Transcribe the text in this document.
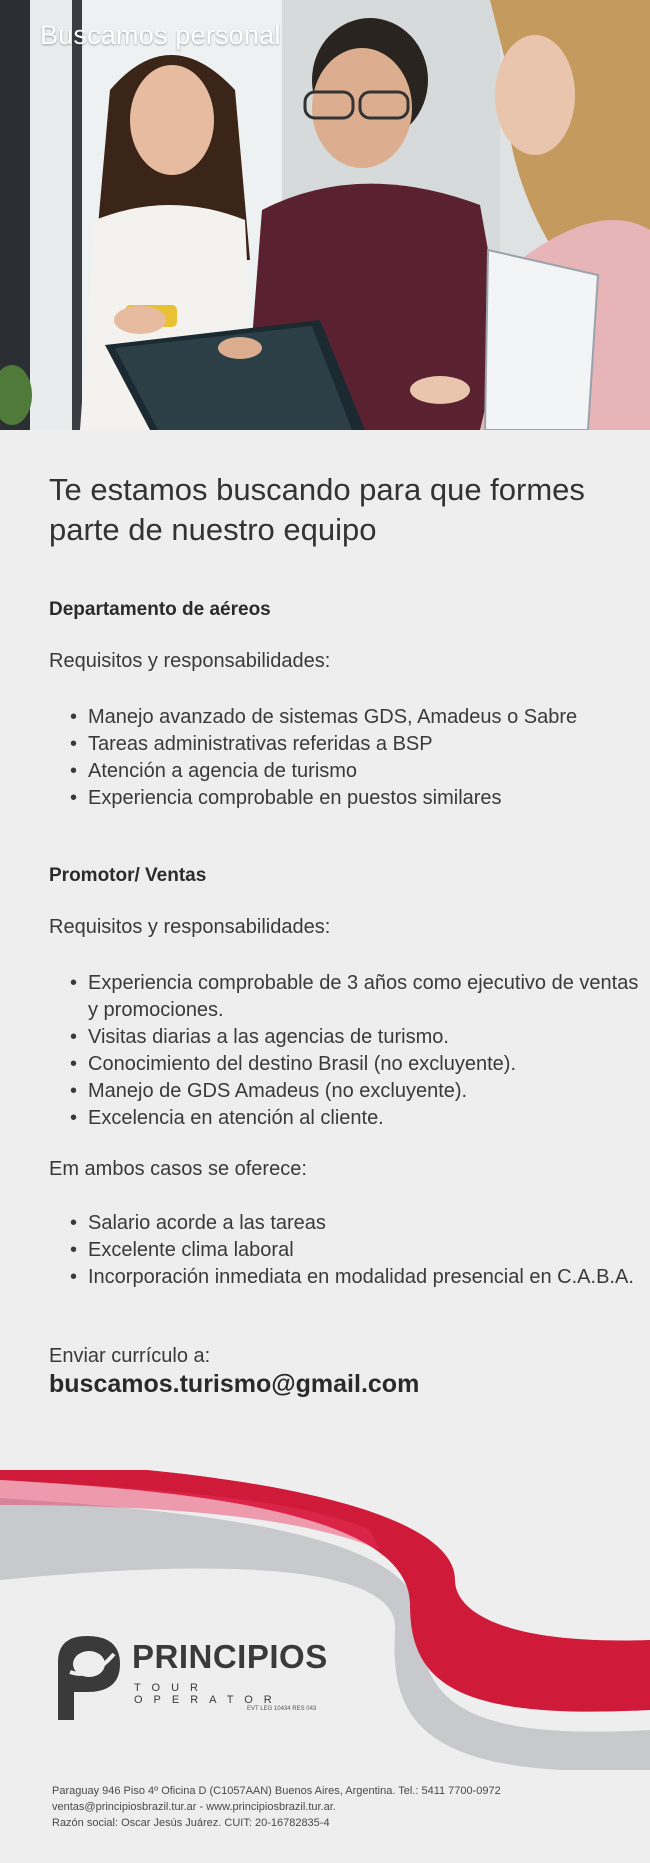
Buscamos personal
Te estamos buscando para que formes parte de nuestro equipo
Departamento de aéreos
Requisitos y responsabilidades:
• Manejo avanzado de sistemas GDS, Amadeus o Sabre
• Tareas administrativas referidas a BSP
• Atención a agencia de turismo
• Experiencia comprobable en puestos similares
Promotor/ Ventas
Requisitos y responsabilidades:
• Experiencia comprobable de 3 años como ejecutivo de ventas y promociones.
• Visitas diarias a las agencias de turismo.
• Conocimiento del destino Brasil (no excluyente).
• Manejo de GDS Amadeus (no excluyente).
• Excelencia en atención al cliente.
Em ambos casos se oferece:
• Salario acorde a las tareas
• Excelente clima laboral
• Incorporación inmediata en modalidad presencial en C.A.B.A.
Enviar currículo a:
buscamos.turismo@gmail.com
PRINCIPIOS
TOUR OPERATOR
EVT LEG 10434 RES 043
Paraguay 946 Piso 4º Oficina D (C1057AAN) Buenos Aires, Argentina. Tel.: 5411 7700-0972
ventas@principiosbrazil.tur.ar - www.principiosbrazil.tur.ar.
Razón social: Oscar Jesús Juárez. CUIT: 20-16782835-4
